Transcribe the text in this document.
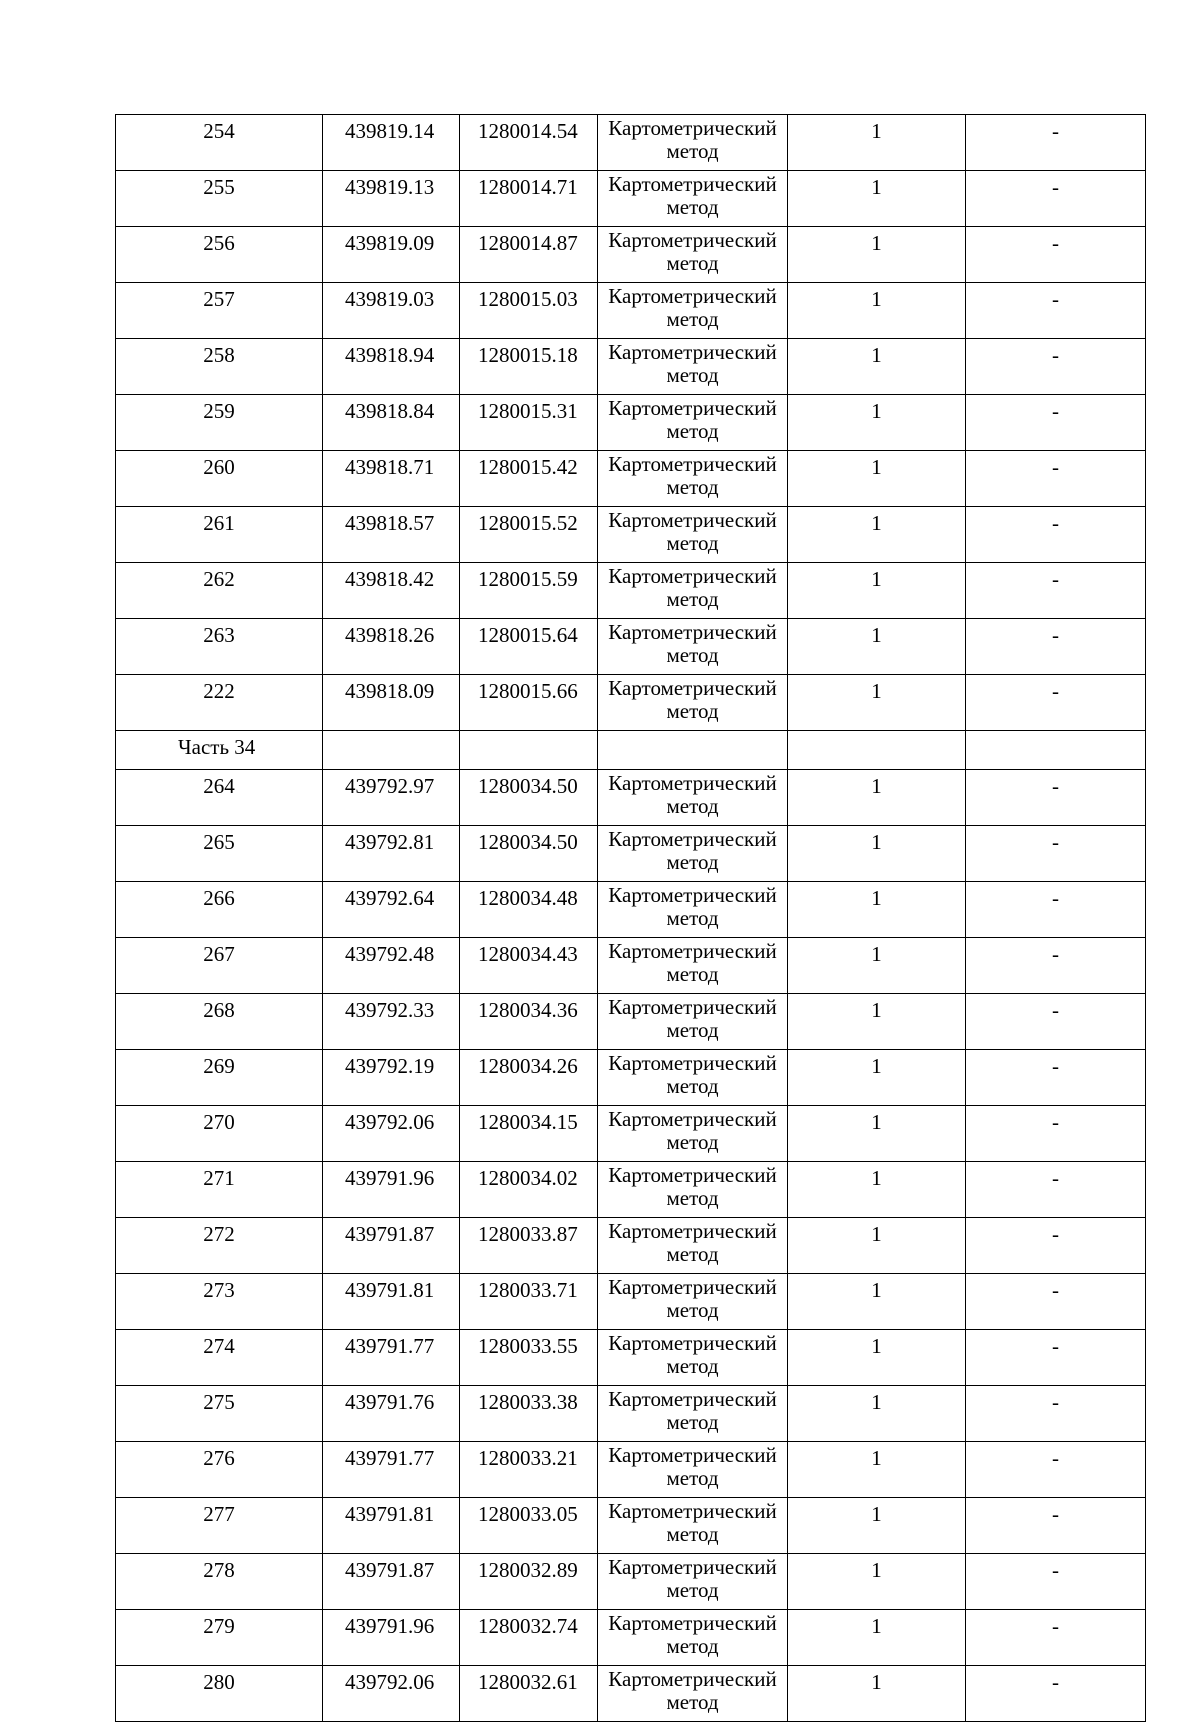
254	439819.14	1280014.54	Картометрический
метод	1	-
255	439819.13	1280014.71	Картометрический
метод	1	-
256	439819.09	1280014.87	Картометрический
метод	1	-
257	439819.03	1280015.03	Картометрический
метод	1	-
258	439818.94	1280015.18	Картометрический
метод	1	-
259	439818.84	1280015.31	Картометрический
метод	1	-
260	439818.71	1280015.42	Картометрический
метод	1	-
261	439818.57	1280015.52	Картометрический
метод	1	-
262	439818.42	1280015.59	Картометрический
метод	1	-
263	439818.26	1280015.64	Картометрический
метод	1	-
222	439818.09	1280015.66	Картометрический
метод	1	-
Часть 34					
264	439792.97	1280034.50	Картометрический
метод	1	-
265	439792.81	1280034.50	Картометрический
метод	1	-
266	439792.64	1280034.48	Картометрический
метод	1	-
267	439792.48	1280034.43	Картометрический
метод	1	-
268	439792.33	1280034.36	Картометрический
метод	1	-
269	439792.19	1280034.26	Картометрический
метод	1	-
270	439792.06	1280034.15	Картометрический
метод	1	-
271	439791.96	1280034.02	Картометрический
метод	1	-
272	439791.87	1280033.87	Картометрический
метод	1	-
273	439791.81	1280033.71	Картометрический
метод	1	-
274	439791.77	1280033.55	Картометрический
метод	1	-
275	439791.76	1280033.38	Картометрический
метод	1	-
276	439791.77	1280033.21	Картометрический
метод	1	-
277	439791.81	1280033.05	Картометрический
метод	1	-
278	439791.87	1280032.89	Картометрический
метод	1	-
279	439791.96	1280032.74	Картометрический
метод	1	-
280	439792.06	1280032.61	Картометрический
метод	1	-
